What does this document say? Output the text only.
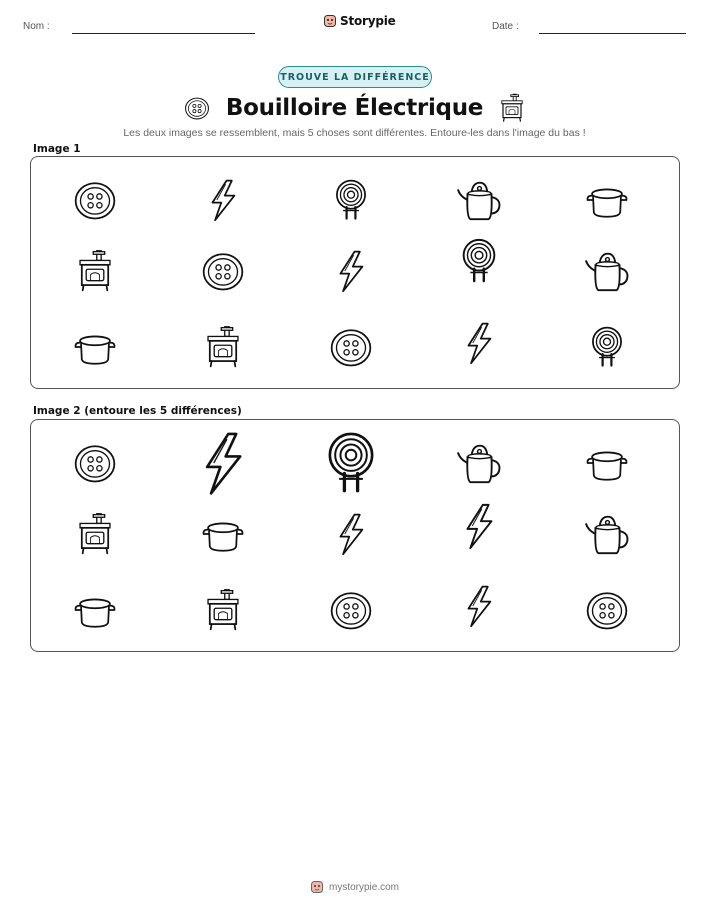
Nom :	Storypie	Date :
TROUVE LA DIFFÉRENCE
Bouilloire Électrique
Les deux images se ressemblent, mais 5 choses sont différentes. Entoure-les dans l'image du bas !
Image 1
Image 2 (entoure les 5 différences)
mystorypie.com
